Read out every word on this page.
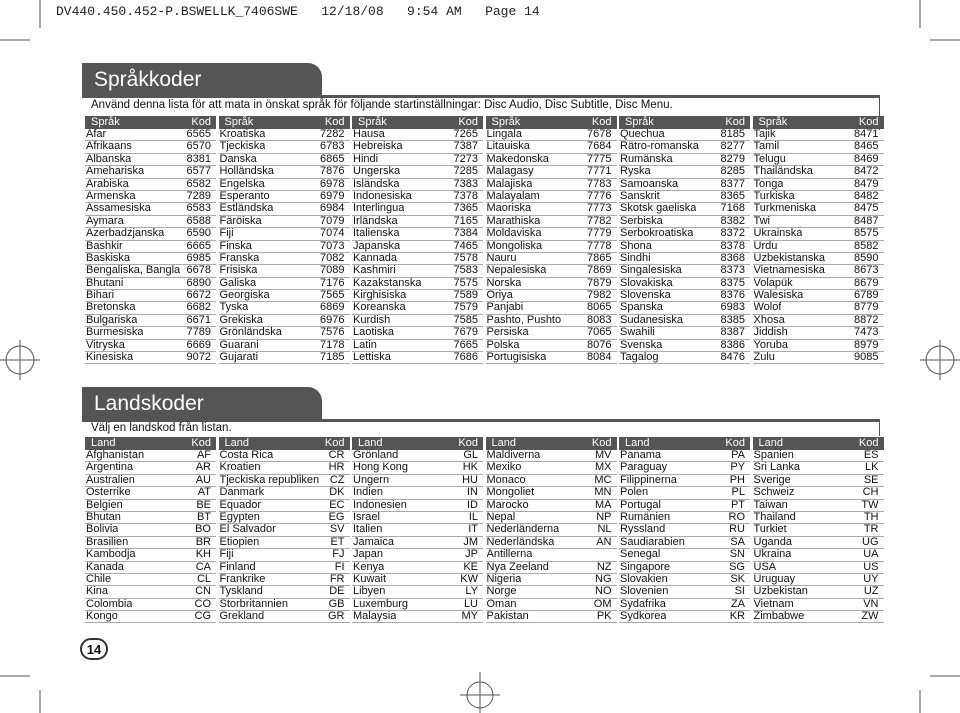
DV440.450.452-P.BSWELLK_7406SWE   12/18/08   9:54 AM   Page 14
Språkkoder
Använd denna lista för att mata in önskat språk för följande startinställningar: Disc Audio, Disc Subtitle, Disc Menu.
Språk	Kod
Afar	6565
Afrikaans	6570
Albanska	8381
Amehariska	6577
Arabiska	6582
Armenska	7289
Assamesiska	6583
Aymara	6588
Azerbadzjanska 6590
Bashkir	6665
Baskiska	6985
Bengaliska, Bangla 6678
Bhutani	6890
Bihari	6672
Bretonska	6682
Bulgariska	6671
Burmesiska	7789
Vitryska	6669
Kinesiska	9072
Språk	Kod
Kroatiska	7282
Tjeckiska	6783
Danska	6865
Holländska	7876
Engelska	6978
Esperanto	6979
Estländska	6984
Färöiska	7079
Fiji	7074
Finska	7073
Franska	7082
Frisiska	7089
Galiska	7176
Georgiska	7565
Tyska	6869
Grekiska	6976
Grönländska	7576
Guarani	7178
Gujarati	7185
Språk	Kod
Hausa	7265
Hebreiska	7387
Hindi	7273
Ungerska	7285
Isländska	7383
Indonesiska	7378
Interlingua	7365
Irländska	7165
Italienska	7384
Japanska	7465
Kannada	7578
Kashmiri	7583
Kazakstanska	7575
Kirghisiska	7589
Koreanska	7579
Kurdish	7585
Laotiska	7679
Latin	7665
Lettiska	7686
Språk	Kod
Lingala	7678
Litauiska	7684
Makedonska	7775
Malagasy	7771
Malajiska	7783
Malayalam	7776
Maoriska	7773
Marathiska	7782
Moldaviska	7779
Mongoliska	7778
Nauru	7865
Nepalesiska	7869
Norska	7879
Oriya	7982
Panjabi	8065
Pashto, Pushto 8083
Persiska	7065
Polska	8076
Portugisiska	8084
Språk	Kod
Quechua	8185
Rätro-romanska 8277
Rumänska	8279
Ryska	8285
Samoanska	8377
Sanskrit	8365
Skotsk gaeliska 7168
Serbiska	8382
Serbokroatiska 8372
Shona	8378
Sindhi	8368
Singalesiska	8373
Slovakiska	8375
Slovenska	8376
Spanska	6983
Sudanesiska	8385
Swahili	8387
Svenska	8386
Tagalog	8476
Språk	Kod
Tajik	8471
Tamil	8465
Telugu	8469
Thailändska	8472
Tonga	8479
Turkiska	8482
Turkmeniska	8475
Twi	8487
Ukrainska	8575
Urdu	8582
Uzbekistanska	8590
Vietnamesiska	8673
Volapük	8679
Walesiska	6789
Wolof	8779
Xhosa	8872
Jiddish	7473
Yoruba	8979
Zulu	9085
Landskoder
Välj en landskod från listan.
Land	Kod
Afghanistan	AF
Argentina	AR
Australien	AU
Österrike	AT
Belgien	BE
Bhutan	BT
Bolivia	BO
Brasilien	BR
Kambodja	KH
Kanada	CA
Chile	CL
Kina	CN
Colombia	CO
Kongo	CG
Land	Kod
Costa Rica	CR
Kroatien	HR
Tjeckiska republiken CZ
Danmark	DK
Equador	EC
Egypten	EG
El Salvador	SV
Etiopien	ET
Fiji	FJ
Finland	FI
Frankrike	FR
Tyskland	DE
Storbritannien	GB
Grekland	GR
Land	Kod
Grönland	GL
Hong Kong	HK
Ungern	HU
Indien	IN
Indonesien	ID
Israel	IL
Italien	IT
Jamaica	JM
Japan	JP
Kenya	KE
Kuwait	KW
Libyen	LY
Luxemburg	LU
Malaysia	MY
Land	Kod
Maldiverna	MV
Mexiko	MX
Monaco	MC
Mongoliet	MN
Marocko	MA
Nepal	NP
Nederländerna	NL
Nederländska	AN
Antillerna
Nya Zeeland	NZ
Nigeria	NG
Norge	NO
Oman	OM
Pakistan	PK
Land	Kod
Panama	PA
Paraguay	PY
Filippinerna	PH
Polen	PL
Portugal	PT
Rumänien	RO
Ryssland	RU
Saudiarabien	SA
Senegal	SN
Singapore	SG
Slovakien	SK
Slovenien	SI
Sydafrika	ZA
Sydkorea	KR
Land	Kod
Spanien	ES
Sri Lanka	LK
Sverige	SE
Schweiz	CH
Taiwan	TW
Thailand	TH
Turkiet	TR
Uganda	UG
Ukraina	UA
USA	US
Uruguay	UY
Uzbekistan	UZ
Vietnam	VN
Zimbabwe	ZW
14
